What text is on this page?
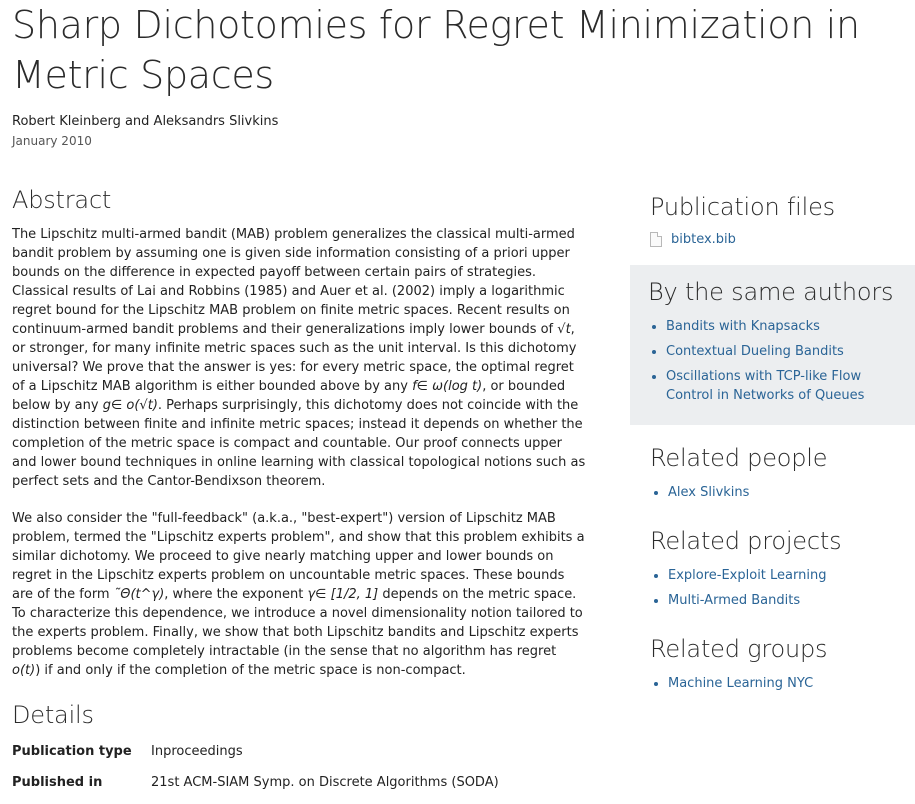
Sharp Dichotomies for Regret Minimization in Metric Spaces
Robert Kleinberg and Aleksandrs Slivkins
January 2010
Abstract

The Lipschitz multi-armed bandit (MAB) problem generalizes the classical multi-armed bandit problem by assuming one is given side information consisting of a priori upper bounds on the difference in expected payoff between certain pairs of strategies. Classical results of Lai and Robbins (1985) and Auer et al. (2002) imply a logarithmic regret bound for the Lipschitz MAB problem on finite metric spaces. Recent results on continuum-armed bandit problems and their generalizations imply lower bounds of √t, or stronger, for many infinite metric spaces such as the unit interval. Is this dichotomy universal? We prove that the answer is yes: for every metric space, the optimal regret of a Lipschitz MAB algorithm is either bounded above by any f∈ ω(log t), or bounded below by any g∈ o(√t). Perhaps surprisingly, this dichotomy does not coincide with the distinction between finite and infinite metric spaces; instead it depends on whether the completion of the metric space is compact and countable. Our proof connects upper and lower bound techniques in online learning with classical topological notions such as perfect sets and the Cantor-Bendixson theorem.

We also consider the "full-feedback" (a.k.a., "best-expert") version of Lipschitz MAB problem, termed the "Lipschitz experts problem", and show that this problem exhibits a similar dichotomy. We proceed to give nearly matching upper and lower bounds on regret in the Lipschitz experts problem on uncountable metric spaces. These bounds are of the form ˜Θ(t^γ), where the exponent γ∈ [1/2, 1] depends on the metric space. To characterize this dependence, we introduce a novel dimensionality notion tailored to the experts problem. Finally, we show that both Lipschitz bandits and Lipschitz experts problems become completely intractable (in the sense that no algorithm has regret o(t)) if and only if the completion of the metric space is non-compact.

Details
Publication type	Inproceedings
Published in	21st ACM-SIAM Symp. on Discrete Algorithms (SODA)
Publication files
bibtex.bib
By the same authors
• Bandits with Knapsacks
• Contextual Dueling Bandits
• Oscillations with TCP-like Flow Control in Networks of Queues
Related people
• Alex Slivkins
Related projects
• Explore-Exploit Learning
• Multi-Armed Bandits
Related groups
• Machine Learning NYC
